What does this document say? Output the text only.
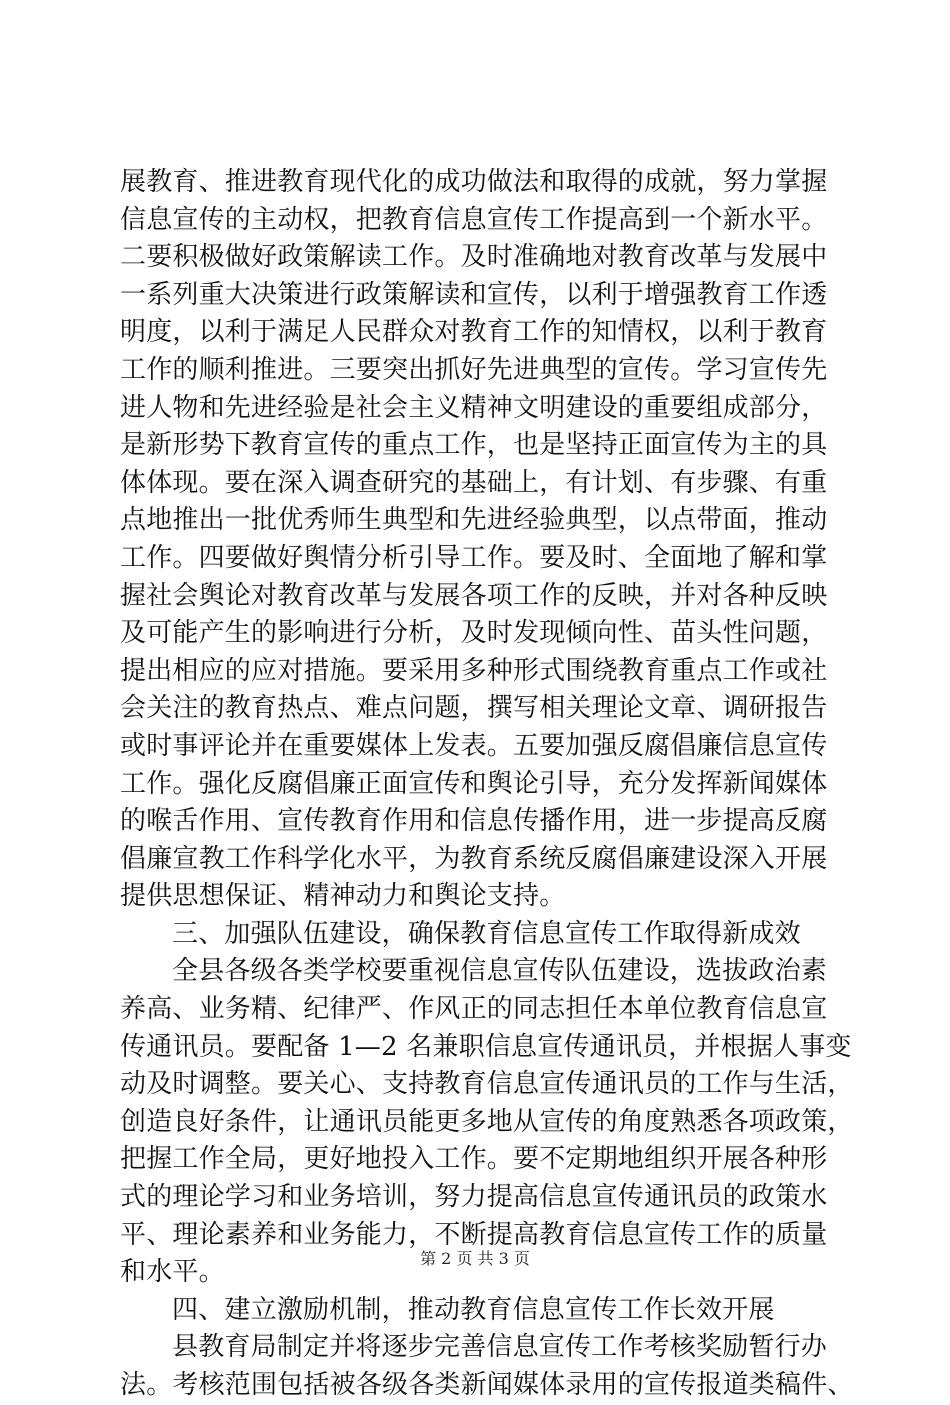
展教育、推进教育现代化的成功做法和取得的成就，努力掌握
信息宣传的主动权，把教育信息宣传工作提高到一个新水平。
二要积极做好政策解读工作。及时准确地对教育改革与发展中
一系列重大决策进行政策解读和宣传，以利于增强教育工作透
明度，以利于满足人民群众对教育工作的知情权，以利于教育
工作的顺利推进。三要突出抓好先进典型的宣传。学习宣传先
进人物和先进经验是社会主义精神文明建设的重要组成部分，
是新形势下教育宣传的重点工作，也是坚持正面宣传为主的具
体体现。要在深入调查研究的基础上，有计划、有步骤、有重
点地推出一批优秀师生典型和先进经验典型，以点带面，推动
工作。四要做好舆情分析引导工作。要及时、全面地了解和掌
握社会舆论对教育改革与发展各项工作的反映，并对各种反映
及可能产生的影响进行分析，及时发现倾向性、苗头性问题，
提出相应的应对措施。要采用多种形式围绕教育重点工作或社
会关注的教育热点、难点问题，撰写相关理论文章、调研报告
或时事评论并在重要媒体上发表。五要加强反腐倡廉信息宣传
工作。强化反腐倡廉正面宣传和舆论引导，充分发挥新闻媒体
的喉舌作用、宣传教育作用和信息传播作用，进一步提高反腐
倡廉宣教工作科学化水平，为教育系统反腐倡廉建设深入开展
提供思想保证、精神动力和舆论支持。
三、加强队伍建设，确保教育信息宣传工作取得新成效
全县各级各类学校要重视信息宣传队伍建设，选拔政治素
养高、业务精、纪律严、作风正的同志担任本单位教育信息宣
传通讯员。要配备 1—2 名兼职信息宣传通讯员，并根据人事变
动及时调整。要关心、支持教育信息宣传通讯员的工作与生活，
创造良好条件，让通讯员能更多地从宣传的角度熟悉各项政策，
把握工作全局，更好地投入工作。要不定期地组织开展各种形
式的理论学习和业务培训，努力提高信息宣传通讯员的政策水
平、理论素养和业务能力，不断提高教育信息宣传工作的质量
和水平。
四、建立激励机制，推动教育信息宣传工作长效开展
县教育局制定并将逐步完善信息宣传工作考核奖励暂行办
法。考核范围包括被各级各类新闻媒体录用的宣传报道类稿件、
第 2 页 共 3 页
